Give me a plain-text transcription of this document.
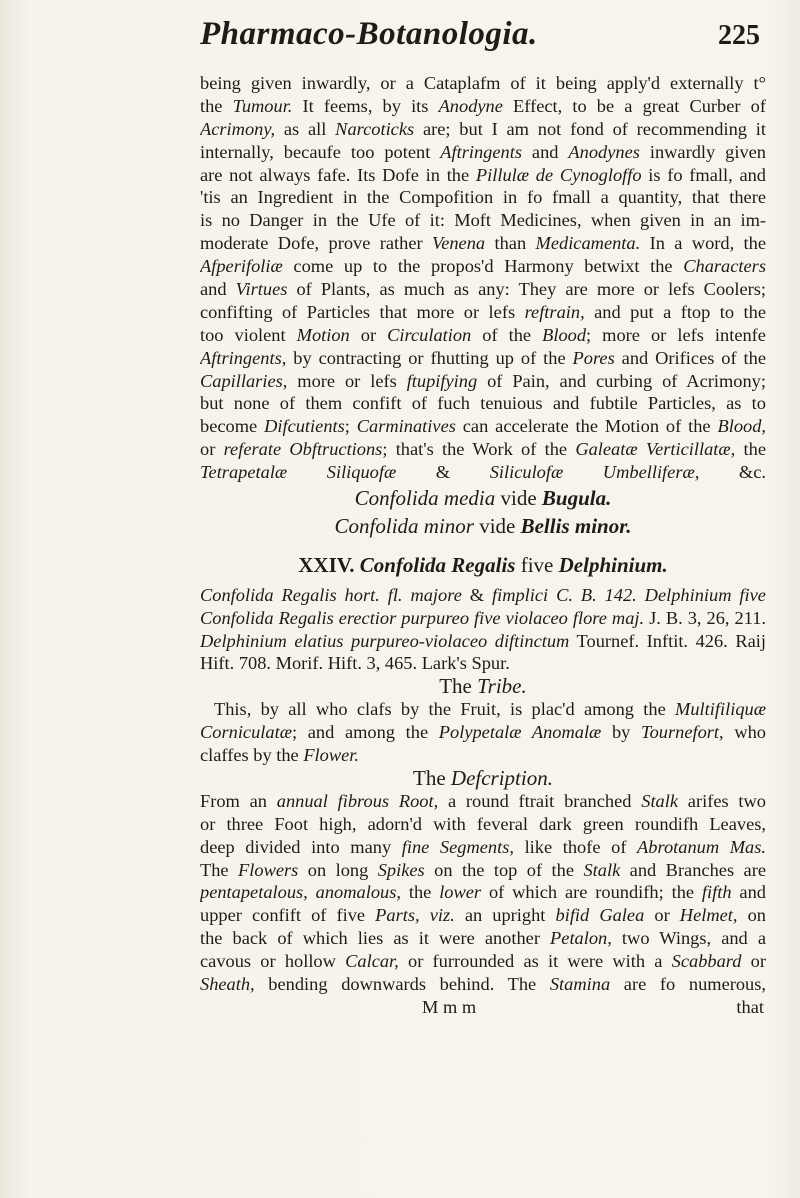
Pharmaco-Botanologia.	225
being given inwardly, or a Cataplafm of it being apply'd externally t°
the Tumour. It feems, by its Anodyne Effect, to be a great Curber of
Acrimony, as all Narcoticks are; but I am not fond of recommending it
internally, becaufe too potent Aftringents and Anodynes inwardly given
are not always fafe. Its Dofe in the Pillulæ de Cynogloffo is fo fmall, and
'tis an Ingredient in the Compofition in fo fmall a quantity, that there
is no Danger in the Ufe of it: Moft Medicines, when given in an im-
moderate Dofe, prove rather Venena than Medicamenta. In a word, the
Afperifoliæ come up to the propos'd Harmony betwixt the Characters
and Virtues of Plants, as much as any: They are more or lefs Coolers;
confifting of Particles that more or lefs reftrain, and put a ftop to the
too violent Motion or Circulation of the Blood; more or lefs intenfe
Aftringents, by contracting or fhutting up of the Pores and Orifices of the
Capillaries, more or lefs ftupifying of Pain, and curbing of Acrimony;
but none of them confift of fuch tenuious and fubtile Particles, as to
become Difcutients; Carminatives can accelerate the Motion of the Blood,
or referate Obftructions; that's the Work of the Galeatæ Verticillatæ, the
Tetrapetalæ Siliquofæ & Siliculofæ Umbelliferæ, &c.
Confolida media vide Bugula.
Confolida minor vide Bellis minor.
XXIV. Confolida Regalis five Delphinium.
Confolida Regalis hort. fl. majore & fimplici C. B. 142. Delphinium five
Confolida Regalis erectior purpureo five violaceo flore maj. J. B. 3, 26, 211.
Delphinium elatius purpureo-violaceo diftinctum Tournef. Inftit. 426. Raij
Hift. 708. Morif. Hift. 3, 465. Lark's Spur.
The Tribe.
This, by all who clafs by the Fruit, is plac'd among the Multifiliquæ
Corniculatæ; and among the Polypetalæ Anomalæ by Tournefort, who
claffes by the Flower.
The Defcription.
From an annual fibrous Root, a round ftrait branched Stalk arifes two
or three Foot high, adorn'd with feveral dark green roundifh Leaves,
deep divided into many fine Segments, like thofe of Abrotanum Mas.
The Flowers on long Spikes on the top of the Stalk and Branches are
pentapetalous, anomalous, the lower of which are roundifh; the fifth and
upper confift of five Parts, viz. an upright bifid Galea or Helmet, on
the back of which lies as it were another Petalon, two Wings, and a
cavous or hollow Calcar, or furrounded as it were with a Scabbard or
Sheath, bending downwards behind. The Stamina are fo numerous,
M m m	that
